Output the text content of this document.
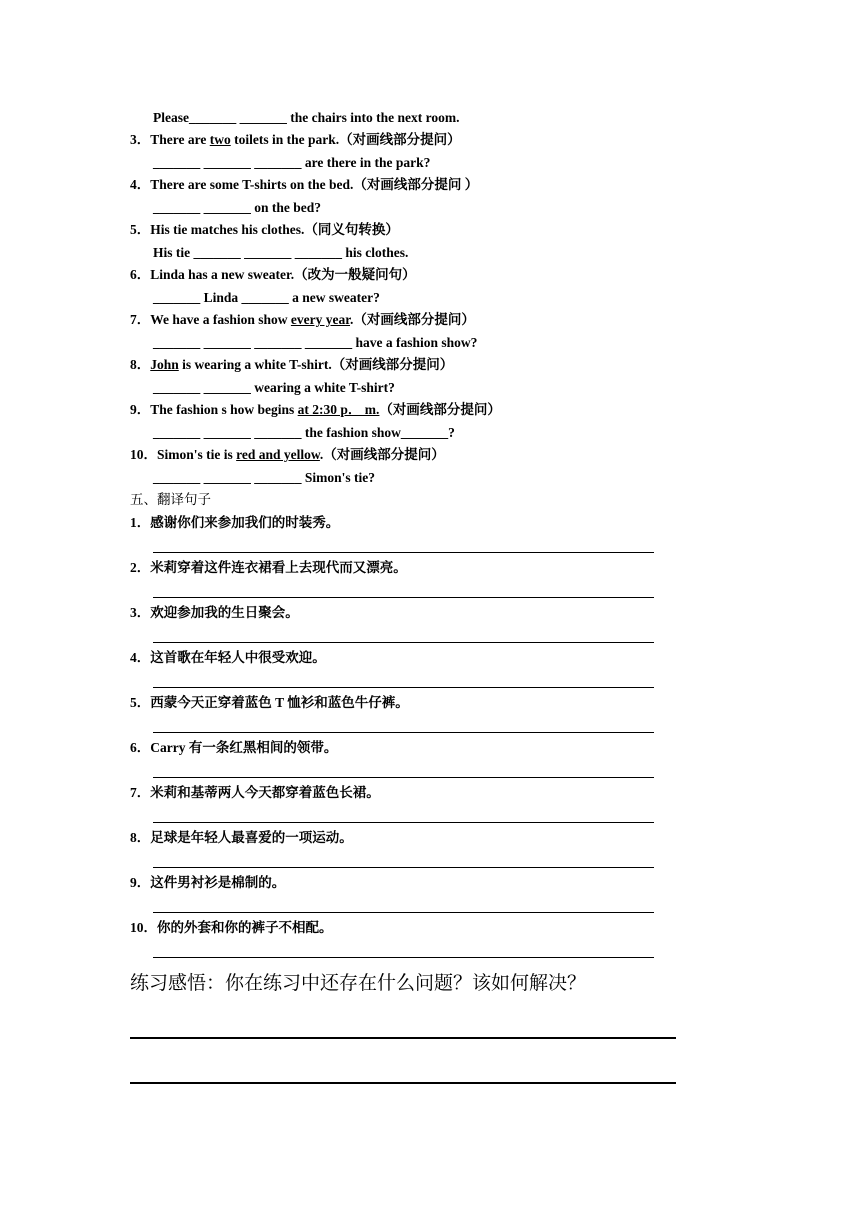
Please_______ _______ the chairs into the next room.
3．There are two toilets in the park.（对画线部分提问）
_______ _______ _______ are there in the park?
4．There are some T-shirts on the bed.（对画线部分提问 ）
_______ _______ on the bed?
5．His tie matches his clothes.（同义句转换）
His tie _______ _______ _______ his clothes.
6．Linda has a new sweater.（改为一般疑问句）
_______ Linda _______ a new sweater?
7．We have a fashion show every year.（对画线部分提问）
_______ _______ _______ _______ have a fashion show?
8．John is wearing a white T-shirt.（对画线部分提问）
_______ _______ wearing a white T-shirt?
9．The fashion s how begins at 2:30 p． m.（对画线部分提问）
_______ _______ _______ the fashion show_______?
10．Simon's tie is red and yellow.（对画线部分提问）
_______ _______ _______ Simon's tie?
五、翻译句子
1．感谢你们来参加我们的时装秀。
2．米莉穿着这件连衣裙看上去现代而又漂亮。
3．欢迎参加我的生日聚会。
4．这首歌在年轻人中很受欢迎。
5．西蒙今天正穿着蓝色 T 恤衫和蓝色牛仔裤。
6．Carry 有一条红黑相间的领带。
7．米莉和基蒂两人今天都穿着蓝色长裙。
8．足球是年轻人最喜爱的一项运动。
9．这件男衬衫是棉制的。
10．你的外套和你的裤子不相配。
练习感悟：你在练习中还存在什么问题？该如何解决？
